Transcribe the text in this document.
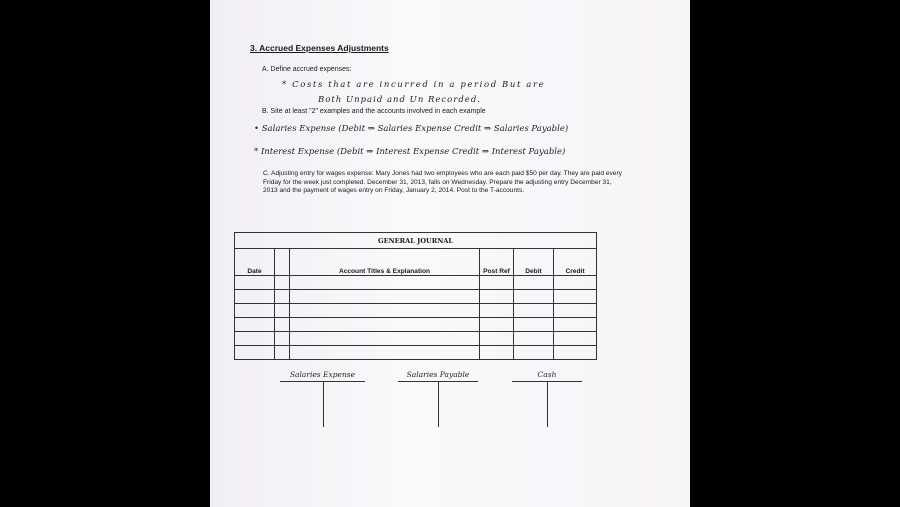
3. Accrued Expenses Adjustments
A. Define accrued expenses:
* Costs that are incurred in a period But are
Both Unpaid and Un Recorded.
B. Site at least "2" examples and the accounts involved in each example
• Salaries Expense (Debit ⇒ Salaries Expense Credit ⇒ Salaries Payable)
* Interest Expense (Debit ⇒ Interest Expense Credit ⇒ Interest Payable)
C. Adjusting entry for wages expense: Mary Jones had two employees who are each paid $50 per day. They are paid every Friday for the week just completed. December 31, 2013, falls on Wednesday. Prepare the adjusting entry December 31, 2013 and the payment of wages entry on Friday, January 2, 2014. Post to the T-accounts.
GENERAL JOURNAL					
Date		Account Titles & Explanation	Post Ref	Debit	Credit

Salaries Expense	Salaries Payable	Cash
